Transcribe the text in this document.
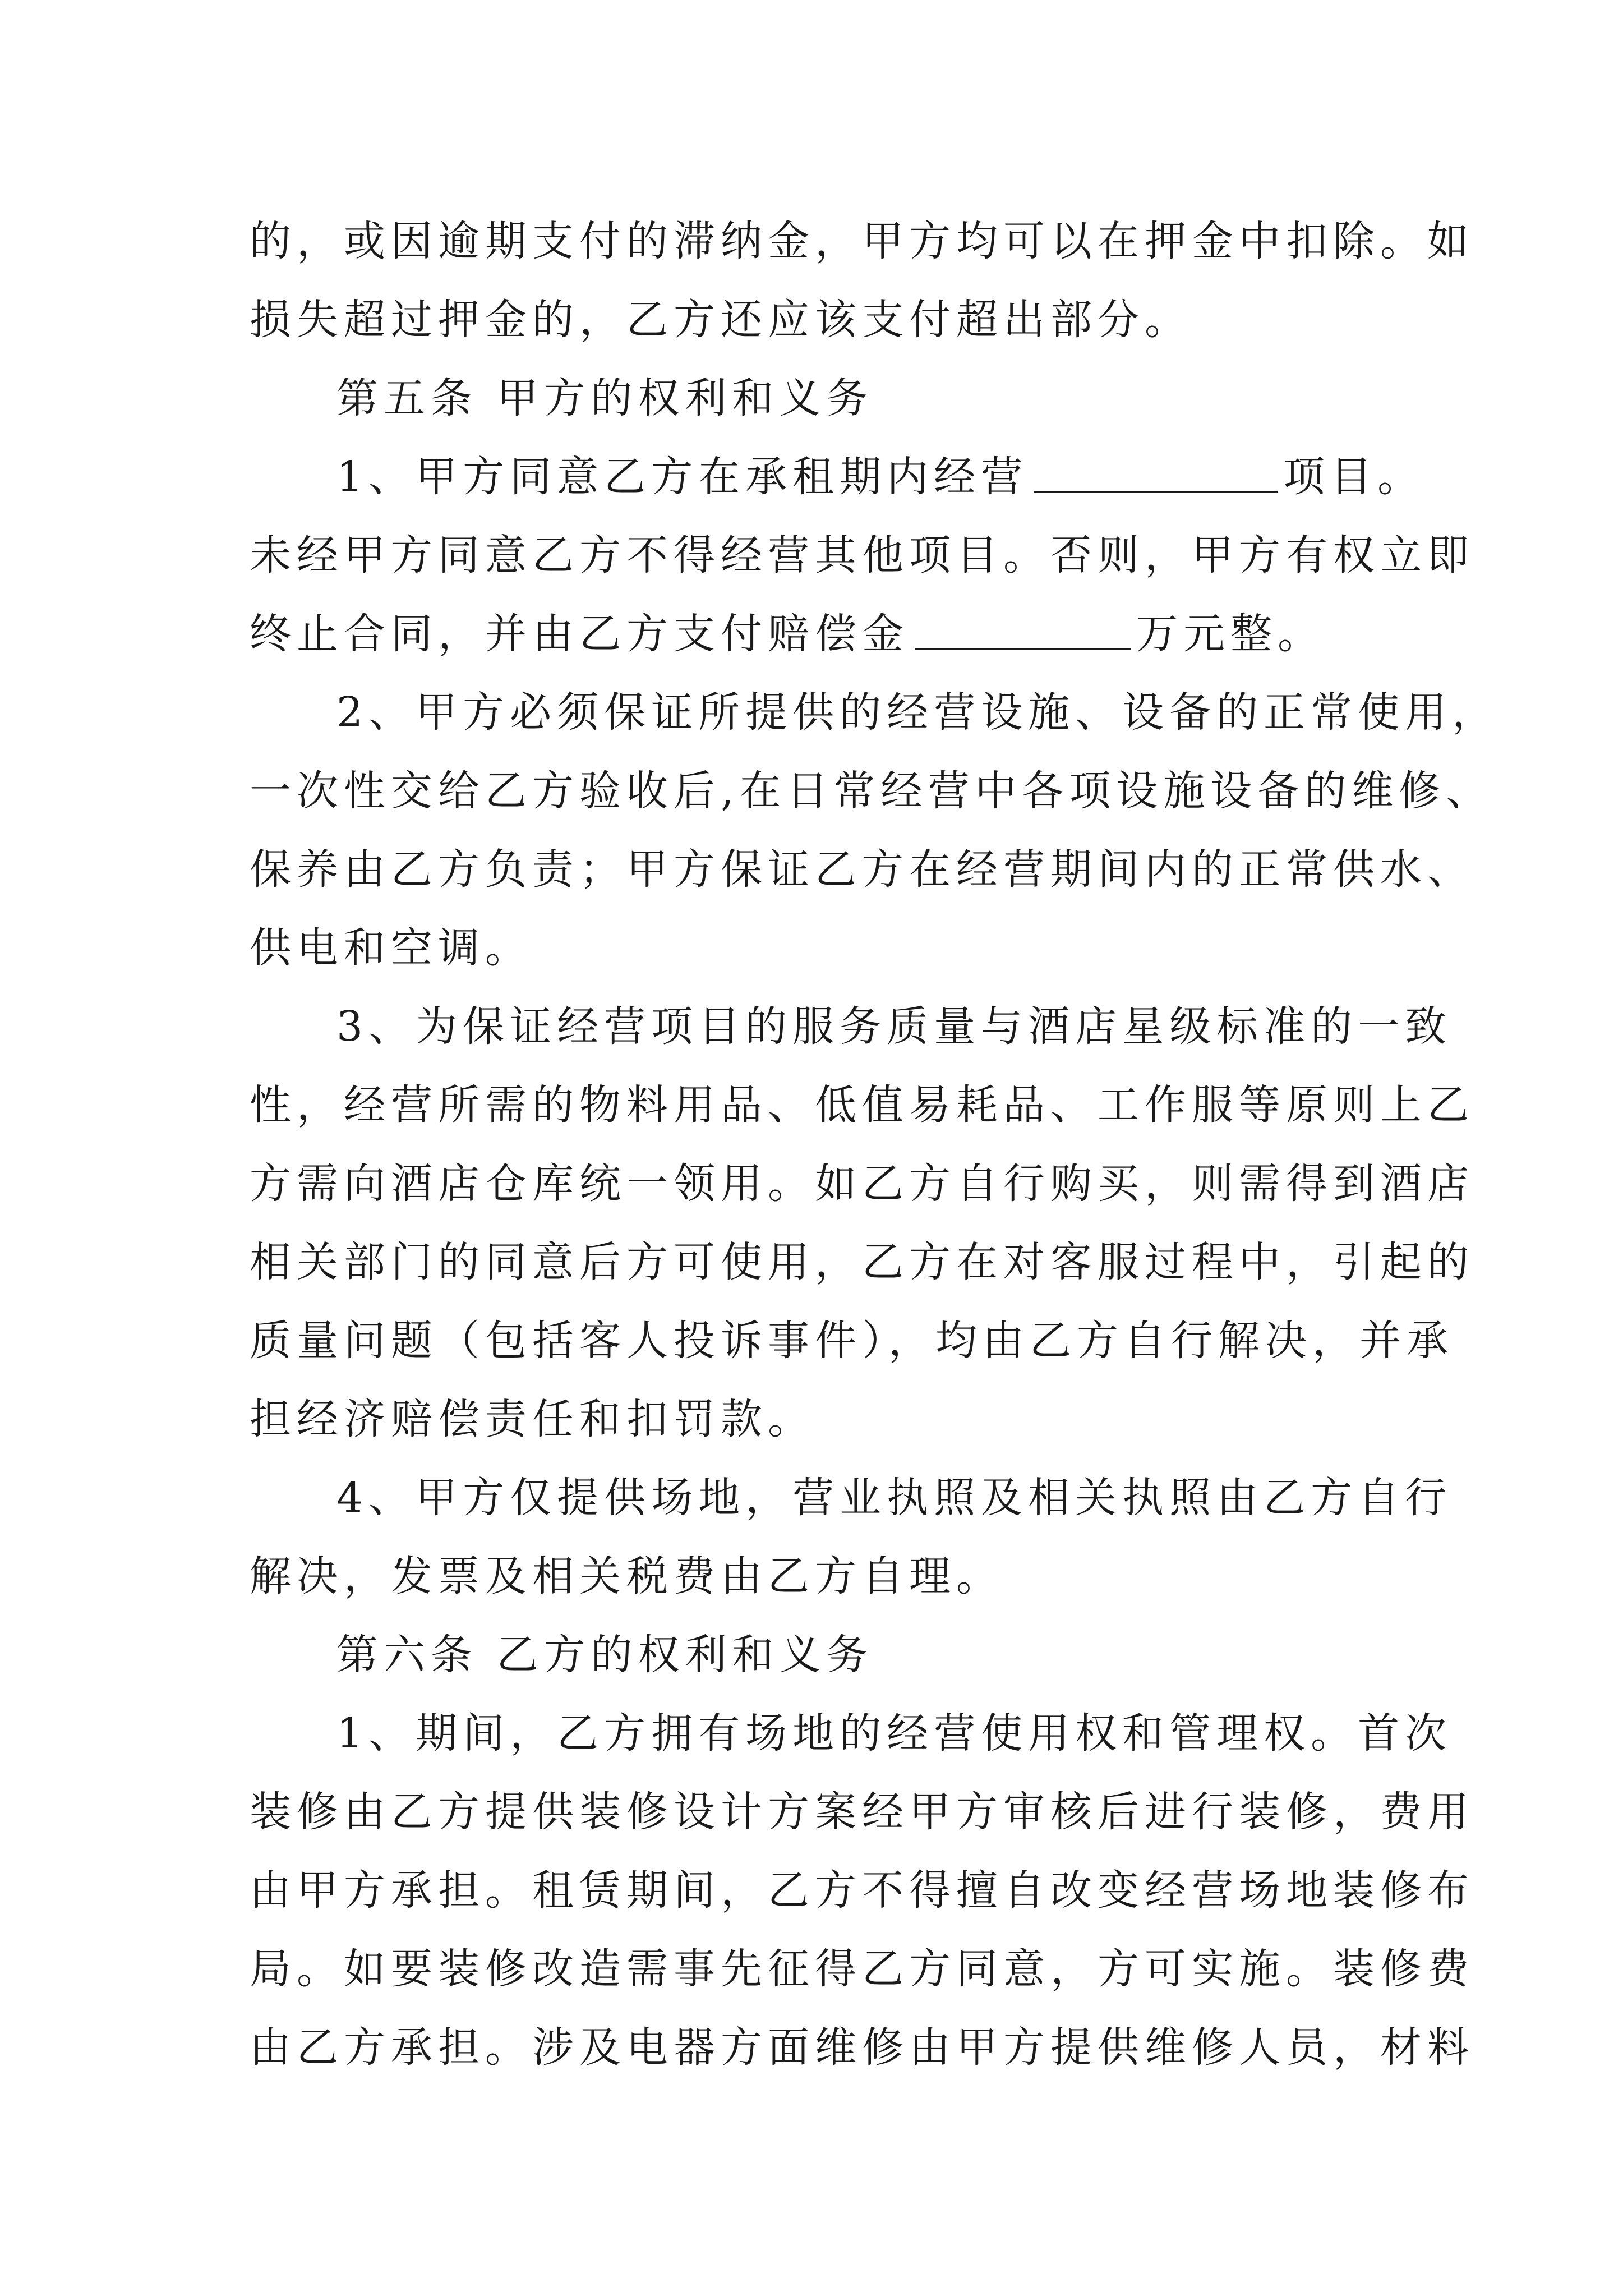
的，或因逾期支付的滞纳金，甲方均可以在押金中扣除。如
损失超过押金的，乙方还应该支付超出部分。
第五条 甲方的权利和义务
1、甲方同意乙方在承租期内经营	项目。
未经甲方同意乙方不得经营其他项目。否则，甲方有权立即
终止合同，并由乙方支付赔偿金	万元整。
2、甲方必须保证所提供的经营设施、设备的正常使用，
一次性交给乙方验收后,在日常经营中各项设施设备的维修、
保养由乙方负责；甲方保证乙方在经营期间内的正常供水、
供电和空调。
3、为保证经营项目的服务质量与酒店星级标准的一致
性，经营所需的物料用品、低值易耗品、工作服等原则上乙
方需向酒店仓库统一领用。如乙方自行购买，则需得到酒店
相关部门的同意后方可使用，乙方在对客服过程中，引起的
质量问题（包括客人投诉事件），均由乙方自行解决，并承
担经济赔偿责任和扣罚款。
4、甲方仅提供场地，营业执照及相关执照由乙方自行
解决，发票及相关税费由乙方自理。
第六条 乙方的权利和义务
1、期间，乙方拥有场地的经营使用权和管理权。首次
装修由乙方提供装修设计方案经甲方审核后进行装修，费用
由甲方承担。租赁期间，乙方不得擅自改变经营场地装修布
局。如要装修改造需事先征得乙方同意，方可实施。装修费
由乙方承担。涉及电器方面维修由甲方提供维修人员，材料
